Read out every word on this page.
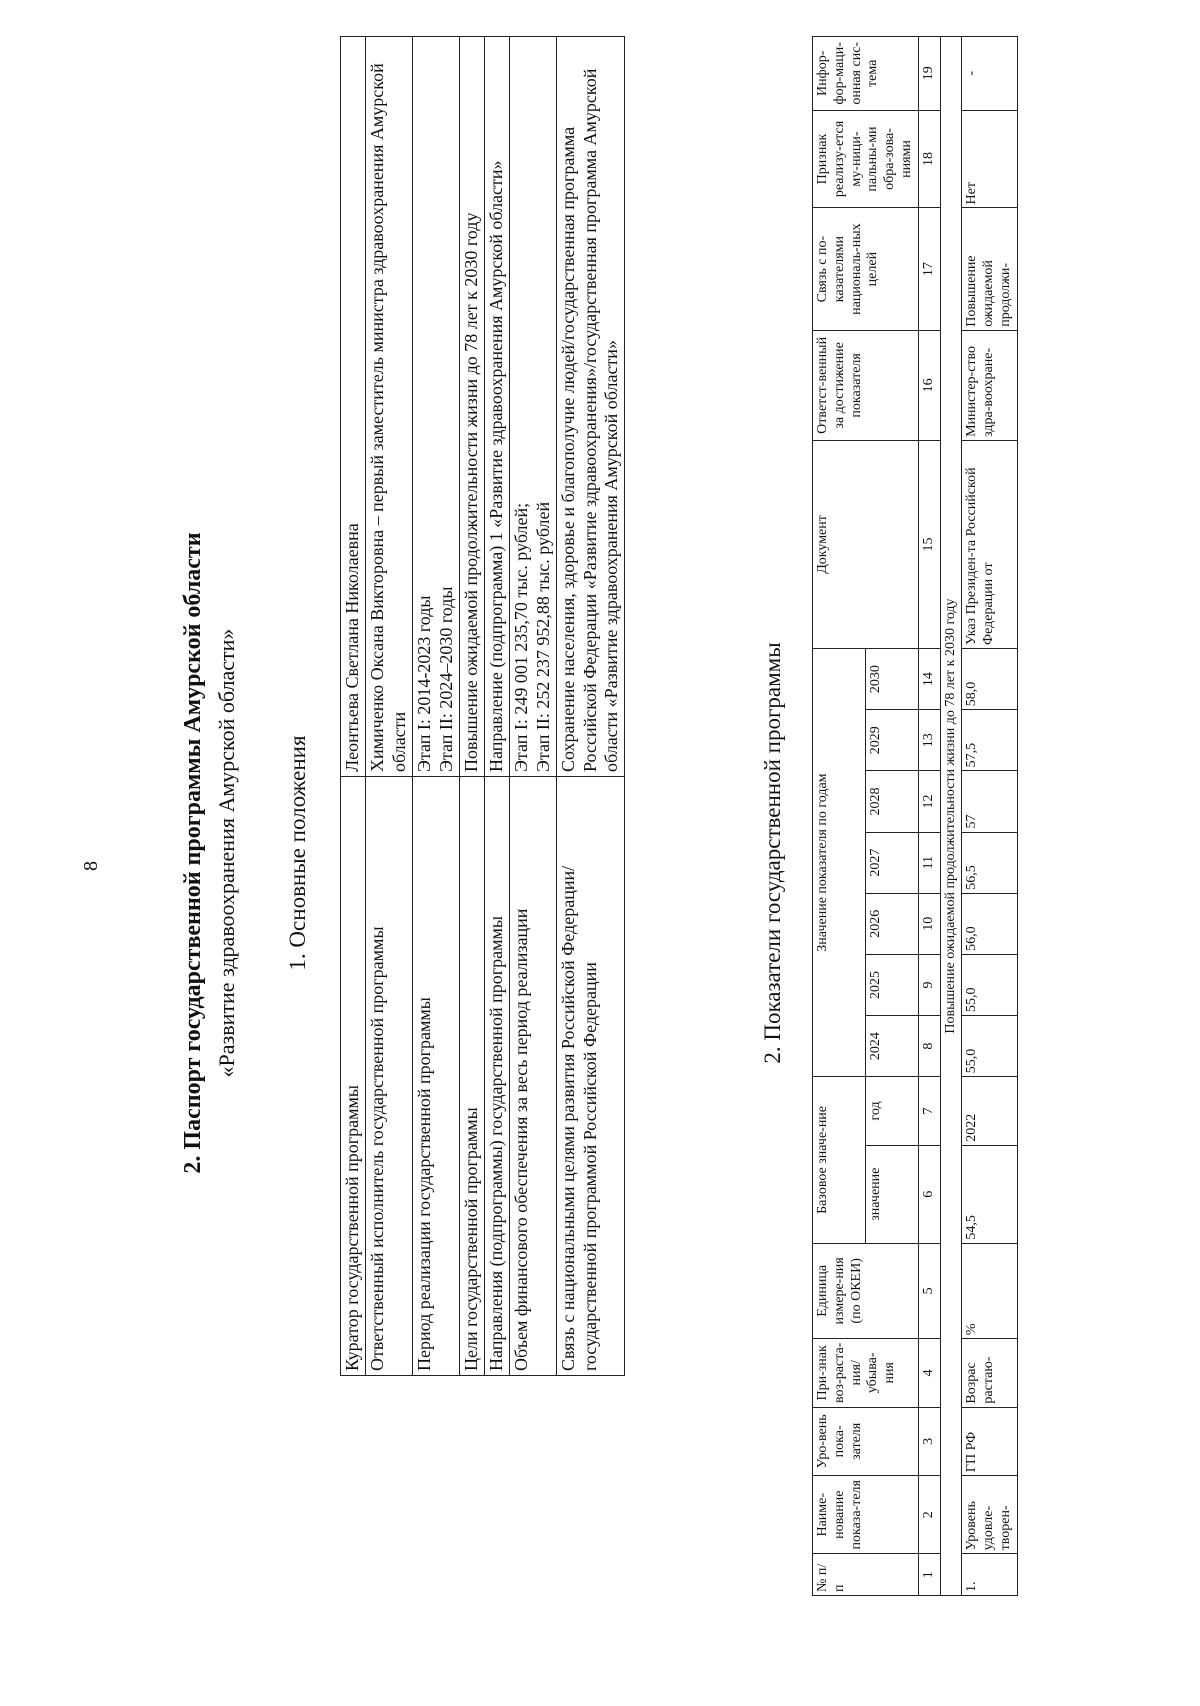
8	2. Паспорт государственной программы Амурской области «Развитие здравоохранения Амурской области» 1. Основные положения
Куратор государственной программы	Леонтьева Светлана Николаевна
Ответственный исполнитель государственной программы	Химиченко Оксана Викторовна – первый заместитель министра здравоохранения Амурской области
Период реализации государственной программы	Этап I: 2014-2023 годы
Этап II: 2024–2030 годы
Цели государственной программы	Повышение ожидаемой продолжительности жизни до 78 лет к 2030 году
Направления (подпрограммы) государственной программы	Направление (подпрограмма) 1 «Развитие здравоохранения Амурской области»
Объем финансового обеспечения за весь период реализации	Этап I: 249 001 235,70 тыс. рублей;
Этап II: 252 237 952,88 тыс. рублей
Связь с национальными целями развития Российской Федерации/ государственной программой Российской Федерации	Сохранение населения, здоровье и благополучие людей/государственная программа Российской Федерации «Развитие здравоохранения»/государственная программа Амурской области «Развитие здравоохранения Амурской области»
2. Показатели государственной программы
№ п/п	Наиме-нование показа-теля	Уро-вень пока-зателя	При-знак воз-раста-ния/ убыва-ния	Единица измере-ния (по ОКЕИ)	Базовое значе-ние		Значение показателя по годам							Документ	Ответст-венный за достижение показателя	Связь с по-казателями националь-ных целей	Признак реализу-ется му-ници-пальны-ми обра-зова-ниями	Инфор-фор-маци-онная сис-тема
					значение	год	2024	2025	2026	2027	2028	2029	2030					
1	2	3	4	5	6	7	8	9	10	11	12	13	14	15	16	17	18	19
Повышение ожидаемой продолжительности жизни до 78 лет к 2030 году																		
1.	Уровень удовле-творен-	ГП РФ	Возрас растаю-	%	54,5	2022	55,0	55,0	56,0	56,5	57	57,5	58,0	Указ Президен-та Российской Федерации от	Министер-ство здра-воохране-	Повышение ожидаемой продолжи-	Нет	-
